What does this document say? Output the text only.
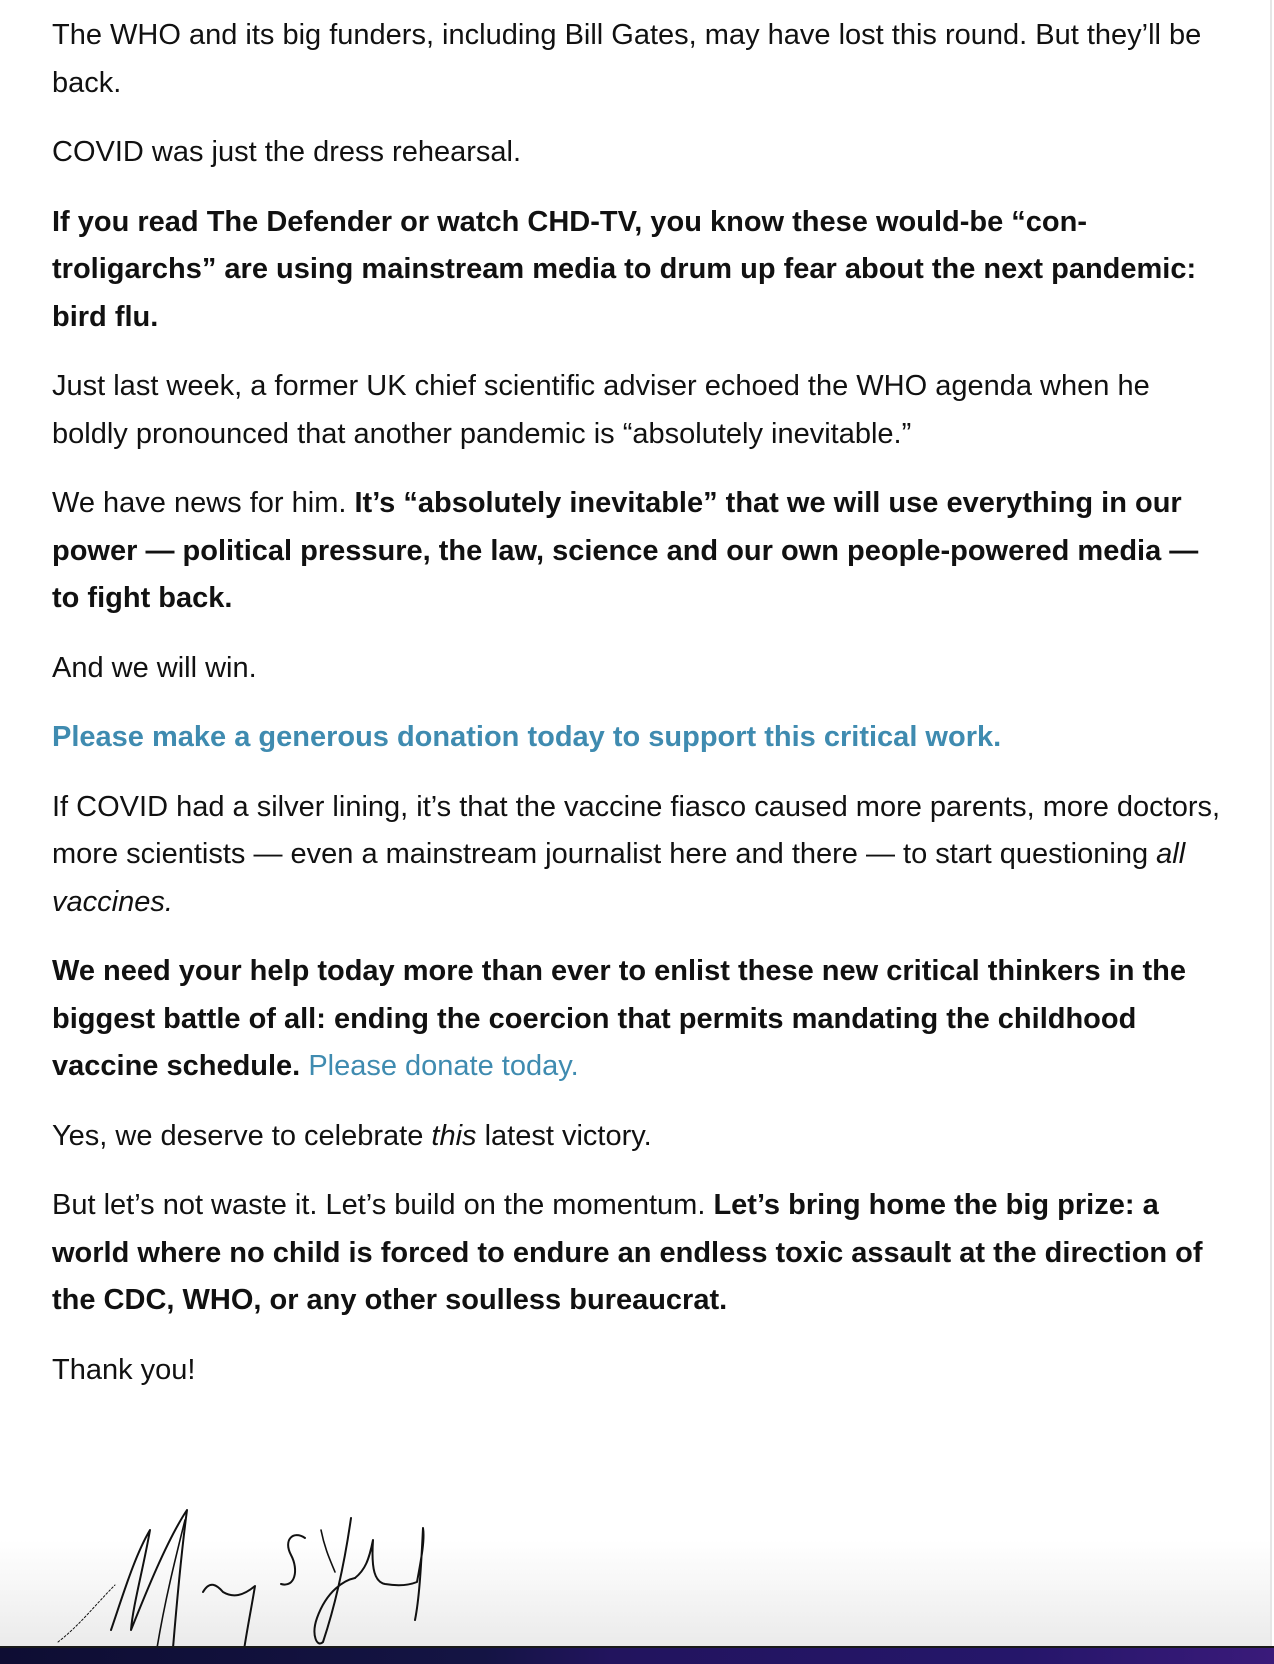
The WHO and its big funders, including Bill Gates, may have lost this round. But they’ll be back.

COVID was just the dress rehearsal.

If you read The Defender or watch CHD-TV, you know these would-be “controligarchs” are using mainstream media to drum up fear about the next pandemic: bird flu.

Just last week, a former UK chief scientific adviser echoed the WHO agenda when he boldly pronounced that another pandemic is “absolutely inevitable.”

We have news for him. It’s “absolutely inevitable” that we will use everything in our power — political pressure, the law, science and our own people-powered media — to fight back.

And we will win.

Please make a generous donation today to support this critical work.

If COVID had a silver lining, it’s that the vaccine fiasco caused more parents, more doctors, more scientists — even a mainstream journalist here and there — to start questioning all vaccines.

We need your help today more than ever to enlist these new critical thinkers in the biggest battle of all: ending the coercion that permits mandating the childhood vaccine schedule. Please donate today.

Yes, we deserve to celebrate this latest victory.

But let’s not waste it. Let’s build on the momentum. Let’s bring home the big prize: a world where no child is forced to endure an endless toxic assault at the direction of the CDC, WHO, or any other soulless bureaucrat.

Thank you!
